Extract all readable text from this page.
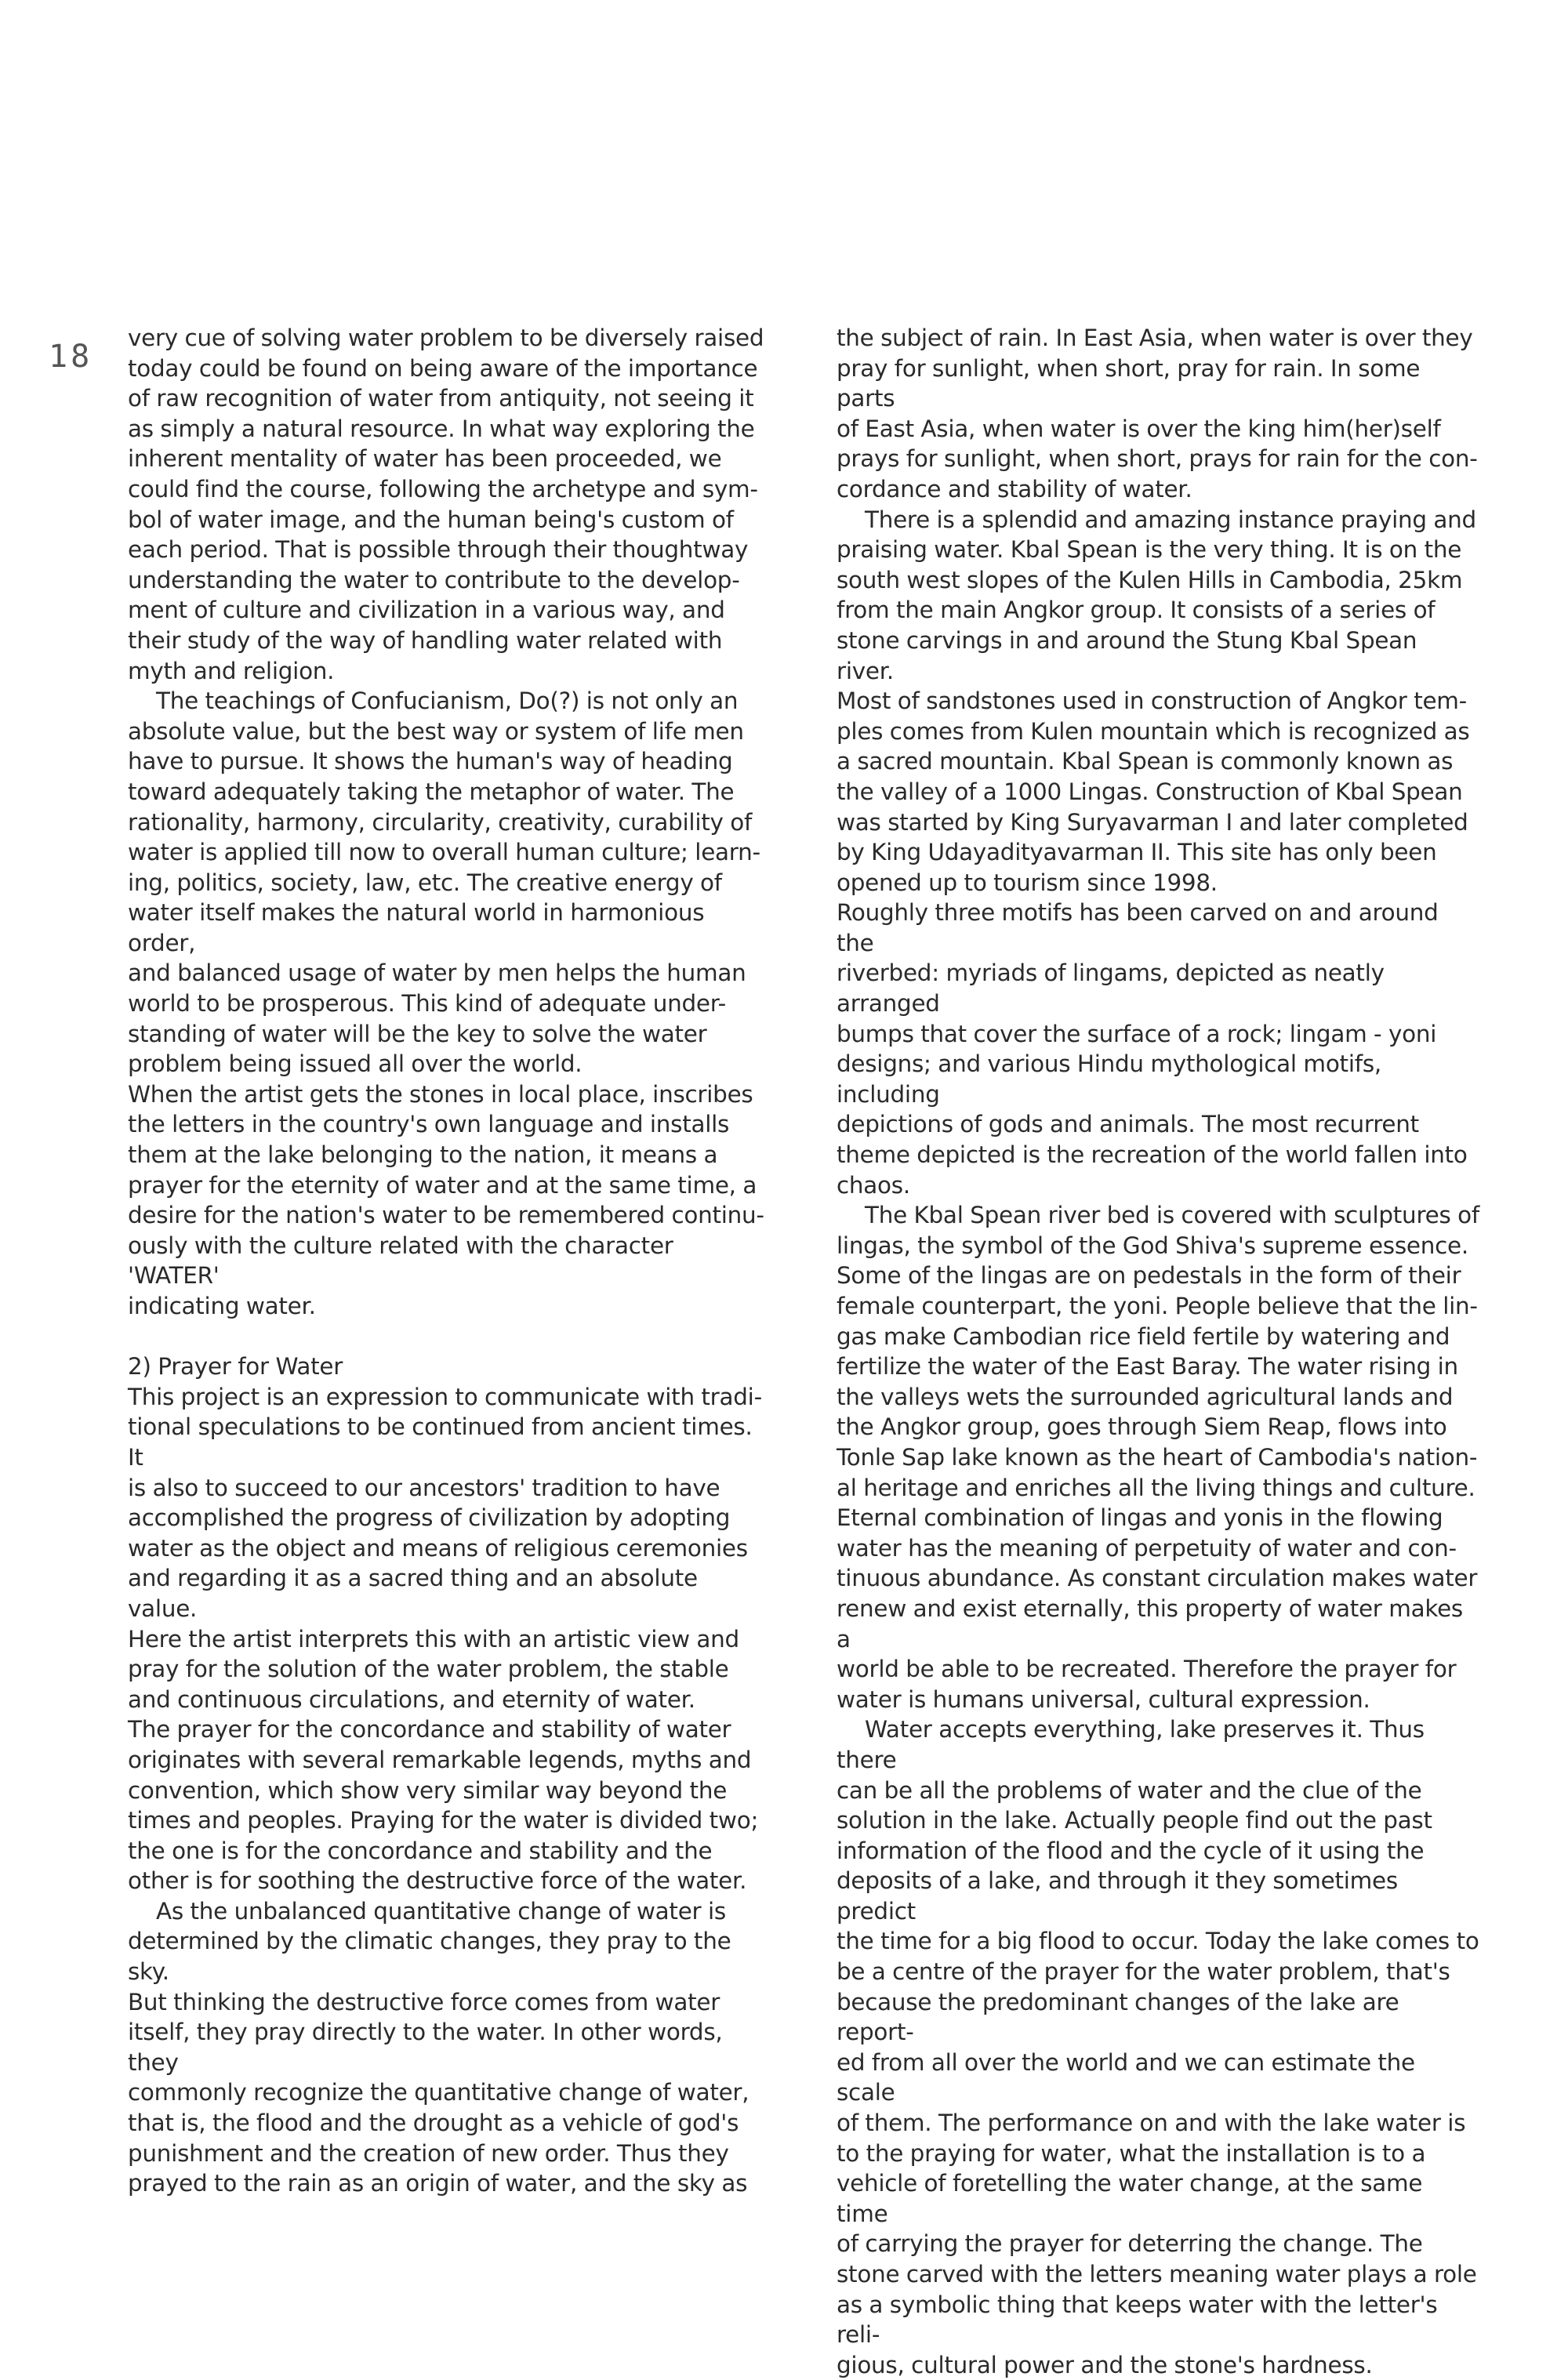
18

very cue of solving water problem to be diversely raised
today could be found on being aware of the importance
of raw recognition of water from antiquity, not seeing it
as simply a natural resource. In what way exploring the
inherent mentality of water has been proceeded, we
could find the course, following the archetype and sym-
bol of water image, and the human being's custom of
each period. That is possible through their thoughtway
understanding the water to contribute to the develop-
ment of culture and civilization in a various way, and
their study of the way of handling water related with
myth and religion.

The teachings of Confucianism, Do(?) is not only an
absolute value, but the best way or system of life men
have to pursue. It shows the human's way of heading
toward adequately taking the metaphor of water. The
rationality, harmony, circularity, creativity, curability of
water is applied till now to overall human culture; learn-
ing, politics, society, law, etc. The creative energy of
water itself makes the natural world in harmonious order,
and balanced usage of water by men helps the human
world to be prosperous. This kind of adequate under-
standing of water will be the key to solve the water
problem being issued all over the world.

When the artist gets the stones in local place, inscribes
the letters in the country's own language and installs
them at the lake belonging to the nation, it means a
prayer for the eternity of water and at the same time, a
desire for the nation's water to be remembered continu-
ously with the culture related with the character 'WATER'
indicating water.

2) Prayer for Water

This project is an expression to communicate with tradi-
tional speculations to be continued from ancient times. It
is also to succeed to our ancestors' tradition to have
accomplished the progress of civilization by adopting
water as the object and means of religious ceremonies
and regarding it as a sacred thing and an absolute value.
Here the artist interprets this with an artistic view and
pray for the solution of the water problem, the stable
and continuous circulations, and eternity of water.

The prayer for the concordance and stability of water
originates with several remarkable legends, myths and
convention, which show very similar way beyond the
times and peoples. Praying for the water is divided two;
the one is for the concordance and stability and the
other is for soothing the destructive force of the water.

As the unbalanced quantitative change of water is
determined by the climatic changes, they pray to the sky.
But thinking the destructive force comes from water
itself, they pray directly to the water. In other words, they
commonly recognize the quantitative change of water,
that is, the flood and the drought as a vehicle of god's
punishment and the creation of new order. Thus they
prayed to the rain as an origin of water, and the sky as

the subject of rain. In East Asia, when water is over they
pray for sunlight, when short, pray for rain. In some parts
of East Asia, when water is over the king him(her)self
prays for sunlight, when short, prays for rain for the con-
cordance and stability of water.

There is a splendid and amazing instance praying and
praising water. Kbal Spean is the very thing. It is on the
south west slopes of the Kulen Hills in Cambodia, 25km
from the main Angkor group. It consists of a series of
stone carvings in and around the Stung Kbal Spean river.
Most of sandstones used in construction of Angkor tem-
ples comes from Kulen mountain which is recognized as
a sacred mountain. Kbal Spean is commonly known as
the valley of a 1000 Lingas. Construction of Kbal Spean
was started by King Suryavarman I and later completed
by King Udayadityavarman II. This site has only been
opened up to tourism since 1998.

Roughly three motifs has been carved on and around the
riverbed: myriads of lingams, depicted as neatly arranged
bumps that cover the surface of a rock; lingam - yoni
designs; and various Hindu mythological motifs, including
depictions of gods and animals. The most recurrent
theme depicted is the recreation of the world fallen into
chaos.

The Kbal Spean river bed is covered with sculptures of
lingas, the symbol of the God Shiva's supreme essence.
Some of the lingas are on pedestals in the form of their
female counterpart, the yoni. People believe that the lin-
gas make Cambodian rice field fertile by watering and
fertilize the water of the East Baray. The water rising in
the valleys wets the surrounded agricultural lands and
the Angkor group, goes through Siem Reap, flows into
Tonle Sap lake known as the heart of Cambodia's nation-
al heritage and enriches all the living things and culture.
Eternal combination of lingas and yonis in the flowing
water has the meaning of perpetuity of water and con-
tinuous abundance. As constant circulation makes water
renew and exist eternally, this property of water makes a
world be able to be recreated. Therefore the prayer for
water is humans universal, cultural expression.

Water accepts everything, lake preserves it. Thus there
can be all the problems of water and the clue of the
solution in the lake. Actually people find out the past
information of the flood and the cycle of it using the
deposits of a lake, and through it they sometimes predict
the time for a big flood to occur. Today the lake comes to
be a centre of the prayer for the water problem, that's
because the predominant changes of the lake are report-
ed from all over the world and we can estimate the scale
of them. The performance on and with the lake water is
to the praying for water, what the installation is to a
vehicle of foretelling the water change, at the same time
of carrying the prayer for deterring the change. The
stone carved with the letters meaning water plays a role
as a symbolic thing that keeps water with the letter's reli-
gious, cultural power and the stone's hardness.
